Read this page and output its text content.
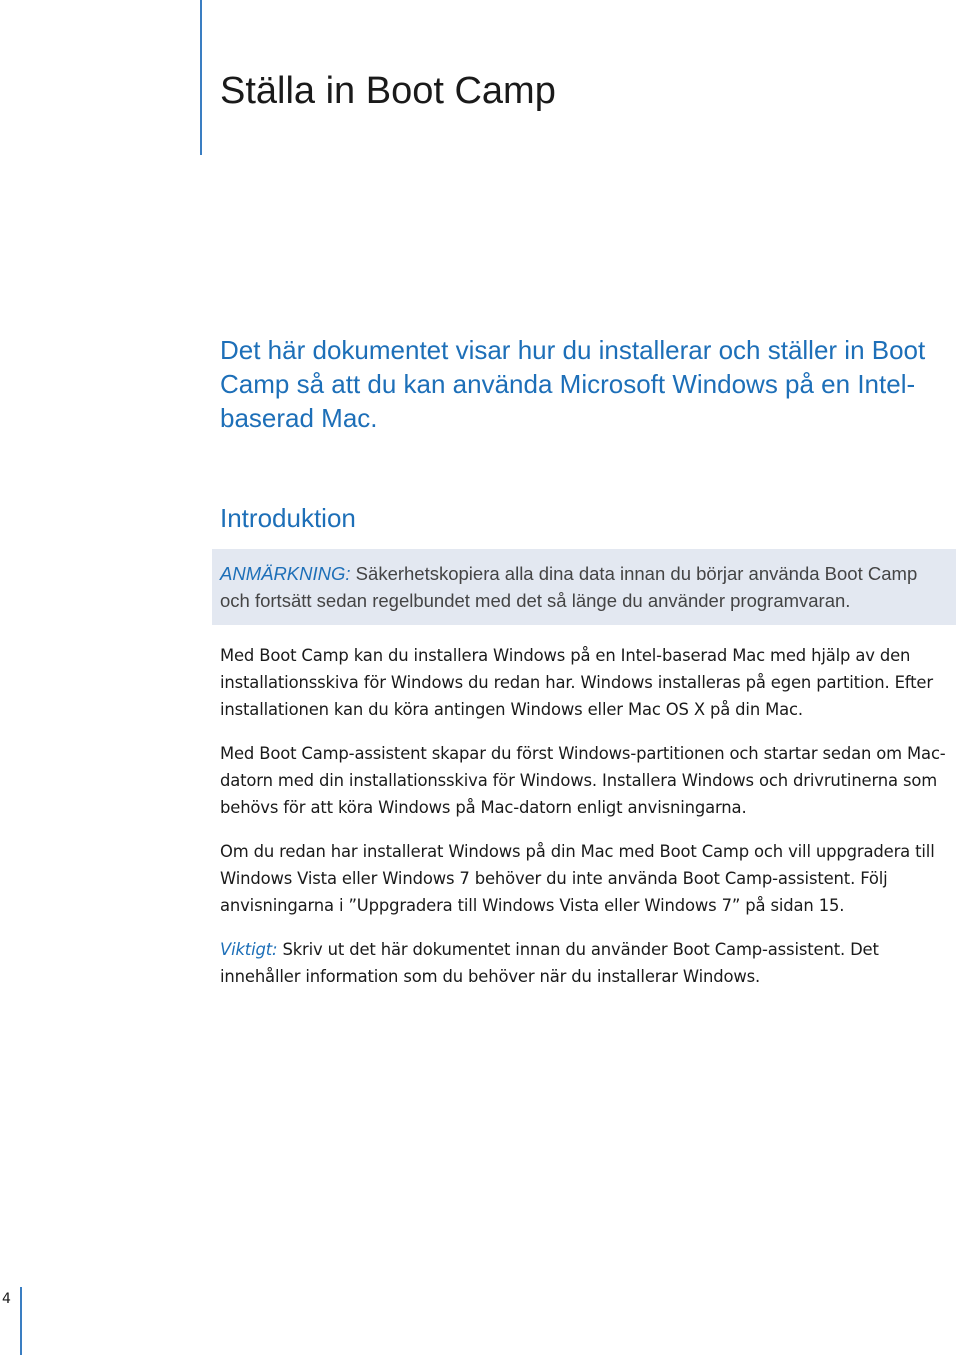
Ställa in Boot Camp

Det här dokumentet visar hur du installerar och ställer in Boot Camp så att du kan använda Microsoft Windows på en Intel-baserad Mac.

Introduktion
ANMÄRKNING: Säkerhetskopiera alla dina data innan du börjar använda Boot Camp och fortsätt sedan regelbundet med det så länge du använder programvaran.

Med Boot Camp kan du installera Windows på en Intel-baserad Mac med hjälp av den installationsskiva för Windows du redan har. Windows installeras på egen partition. Efter installationen kan du köra antingen Windows eller Mac OS X på din Mac.

Med Boot Camp-assistent skapar du först Windows-partitionen och startar sedan om Mac-datorn med din installationsskiva för Windows. Installera Windows och drivrutinerna som behövs för att köra Windows på Mac-datorn enligt anvisningarna.

Om du redan har installerat Windows på din Mac med Boot Camp och vill uppgradera till Windows Vista eller Windows 7 behöver du inte använda Boot Camp-assistent. Följ anvisningarna i ”Uppgradera till Windows Vista eller Windows 7” på sidan 15.

Viktigt: Skriv ut det här dokumentet innan du använder Boot Camp-assistent. Det innehåller information som du behöver när du installerar Windows.

4
